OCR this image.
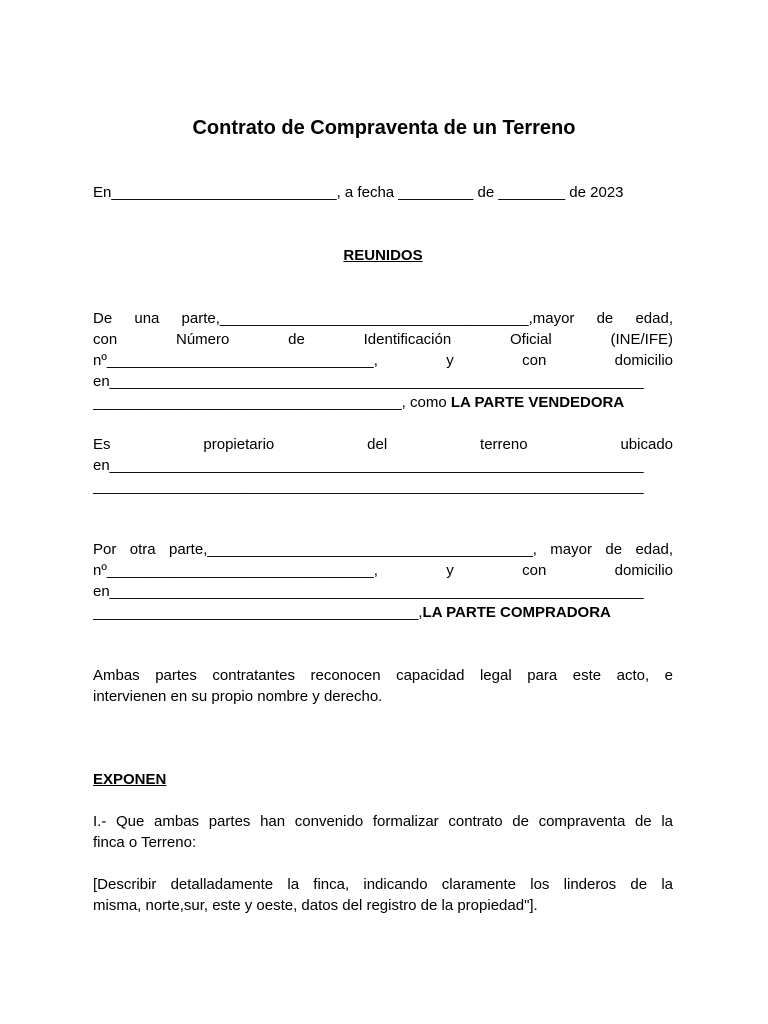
Contrato de Compraventa de un Terreno
En___________________________, a fecha _________ de ________ de 2023
REUNIDOS
De una parte,_____________________________________,mayor de edad,
con Número de Identificación Oficial (INE/IFE)
nº________________________________, y con domicilio
en________________________________________________________________
_____________________________________, como LA PARTE VENDEDORA
Es propietario del terreno ubicado
en________________________________________________________________
__________________________________________________________________
Por otra parte,_______________________________________, mayor de edad,
nº________________________________, y con domicilio
en________________________________________________________________
_______________________________________,LA PARTE COMPRADORA
Ambas partes contratantes reconocen capacidad legal para este acto, e
intervienen en su propio nombre y derecho.
EXPONEN
I.- Que ambas partes han convenido formalizar contrato de compraventa de la
finca o Terreno:
[Describir detalladamente la finca, indicando claramente los linderos de la
misma, norte,sur, este y oeste, datos del registro de la propiedad"].
